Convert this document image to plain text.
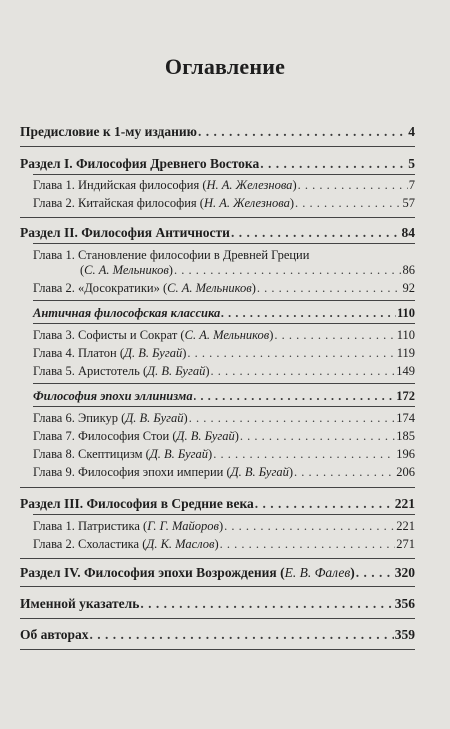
Оглавление
Предисловие к 1-му изданию . . .	4
Раздел I. Философия Древнего Востока . . .	5
Глава 1. Индийская философия (Н. А. Железнова) . . .	7
Глава 2. Китайская философия (Н. А. Железнова) . . .	57
Раздел II. Философия Античности . . .	84
Глава 1. Становление философии в Древней Греции
(С. А. Мельников) . . .	86
Глава 2. «Досократики» (С. А. Мельников) . . .	92
Античная философская классика . . .	110
Глава 3. Софисты и Сократ (С. А. Мельников) . . .	110
Глава 4. Платон (Д. В. Бугай) . . .	119
Глава 5. Аристотель (Д. В. Бугай) . . .	149
Философия эпохи эллинизма . . .	172
Глава 6. Эпикур (Д. В. Бугай) . . .	174
Глава 7. Философия Стои (Д. В. Бугай) . . .	185
Глава 8. Скептицизм (Д. В. Бугай) . . .	196
Глава 9. Философия эпохи империи (Д. В. Бугай) . . .	206
Раздел III. Философия в Средние века . . .	221
Глава 1. Патристика (Г. Г. Майоров) . . .	221
Глава 2. Схоластика (Д. К. Маслов) . . .	271
Раздел IV. Философия эпохи Возрождения (Е. В. Фалев) . . .	320
Именной указатель . . .	356
Об авторах . . .	359
